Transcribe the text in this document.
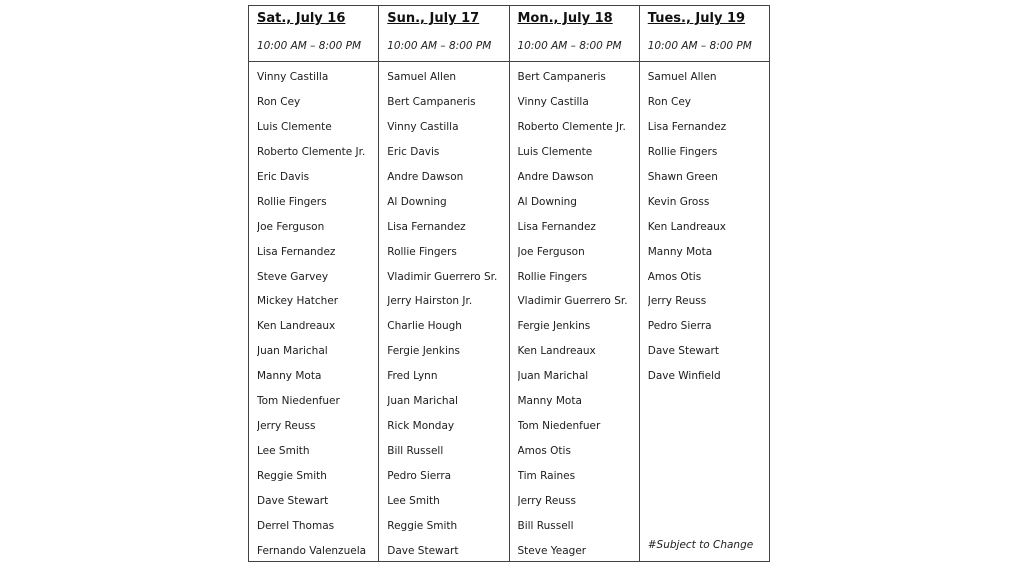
Sat., July 16
10:00 AM – 8:00 PM
Vinny Castilla
Ron Cey
Luis Clemente
Roberto Clemente Jr.
Eric Davis
Rollie Fingers
Joe Ferguson
Lisa Fernandez
Steve Garvey
Mickey Hatcher
Ken Landreaux
Juan Marichal
Manny Mota
Tom Niedenfuer
Jerry Reuss
Lee Smith
Reggie Smith
Dave Stewart
Derrel Thomas
Fernando Valenzuela
Sun., July 17
10:00 AM – 8:00 PM
Samuel Allen
Bert Campaneris
Vinny Castilla
Eric Davis
Andre Dawson
Al Downing
Lisa Fernandez
Rollie Fingers
Vladimir Guerrero Sr.
Jerry Hairston Jr.
Charlie Hough
Fergie Jenkins
Fred Lynn
Juan Marichal
Rick Monday
Bill Russell
Pedro Sierra
Lee Smith
Reggie Smith
Dave Stewart
Mon., July 18
10:00 AM – 8:00 PM
Bert Campaneris
Vinny Castilla
Roberto Clemente Jr.
Luis Clemente
Andre Dawson
Al Downing
Lisa Fernandez
Joe Ferguson
Rollie Fingers
Vladimir Guerrero Sr.
Fergie Jenkins
Ken Landreaux
Juan Marichal
Manny Mota
Tom Niedenfuer
Amos Otis
Tim Raines
Jerry Reuss
Bill Russell
Steve Yeager
Tues., July 19
10:00 AM – 8:00 PM
Samuel Allen
Ron Cey
Lisa Fernandez
Rollie Fingers
Shawn Green
Kevin Gross
Ken Landreaux
Manny Mota
Amos Otis
Jerry Reuss
Pedro Sierra
Dave Stewart
Dave Winfield
#Subject to Change
